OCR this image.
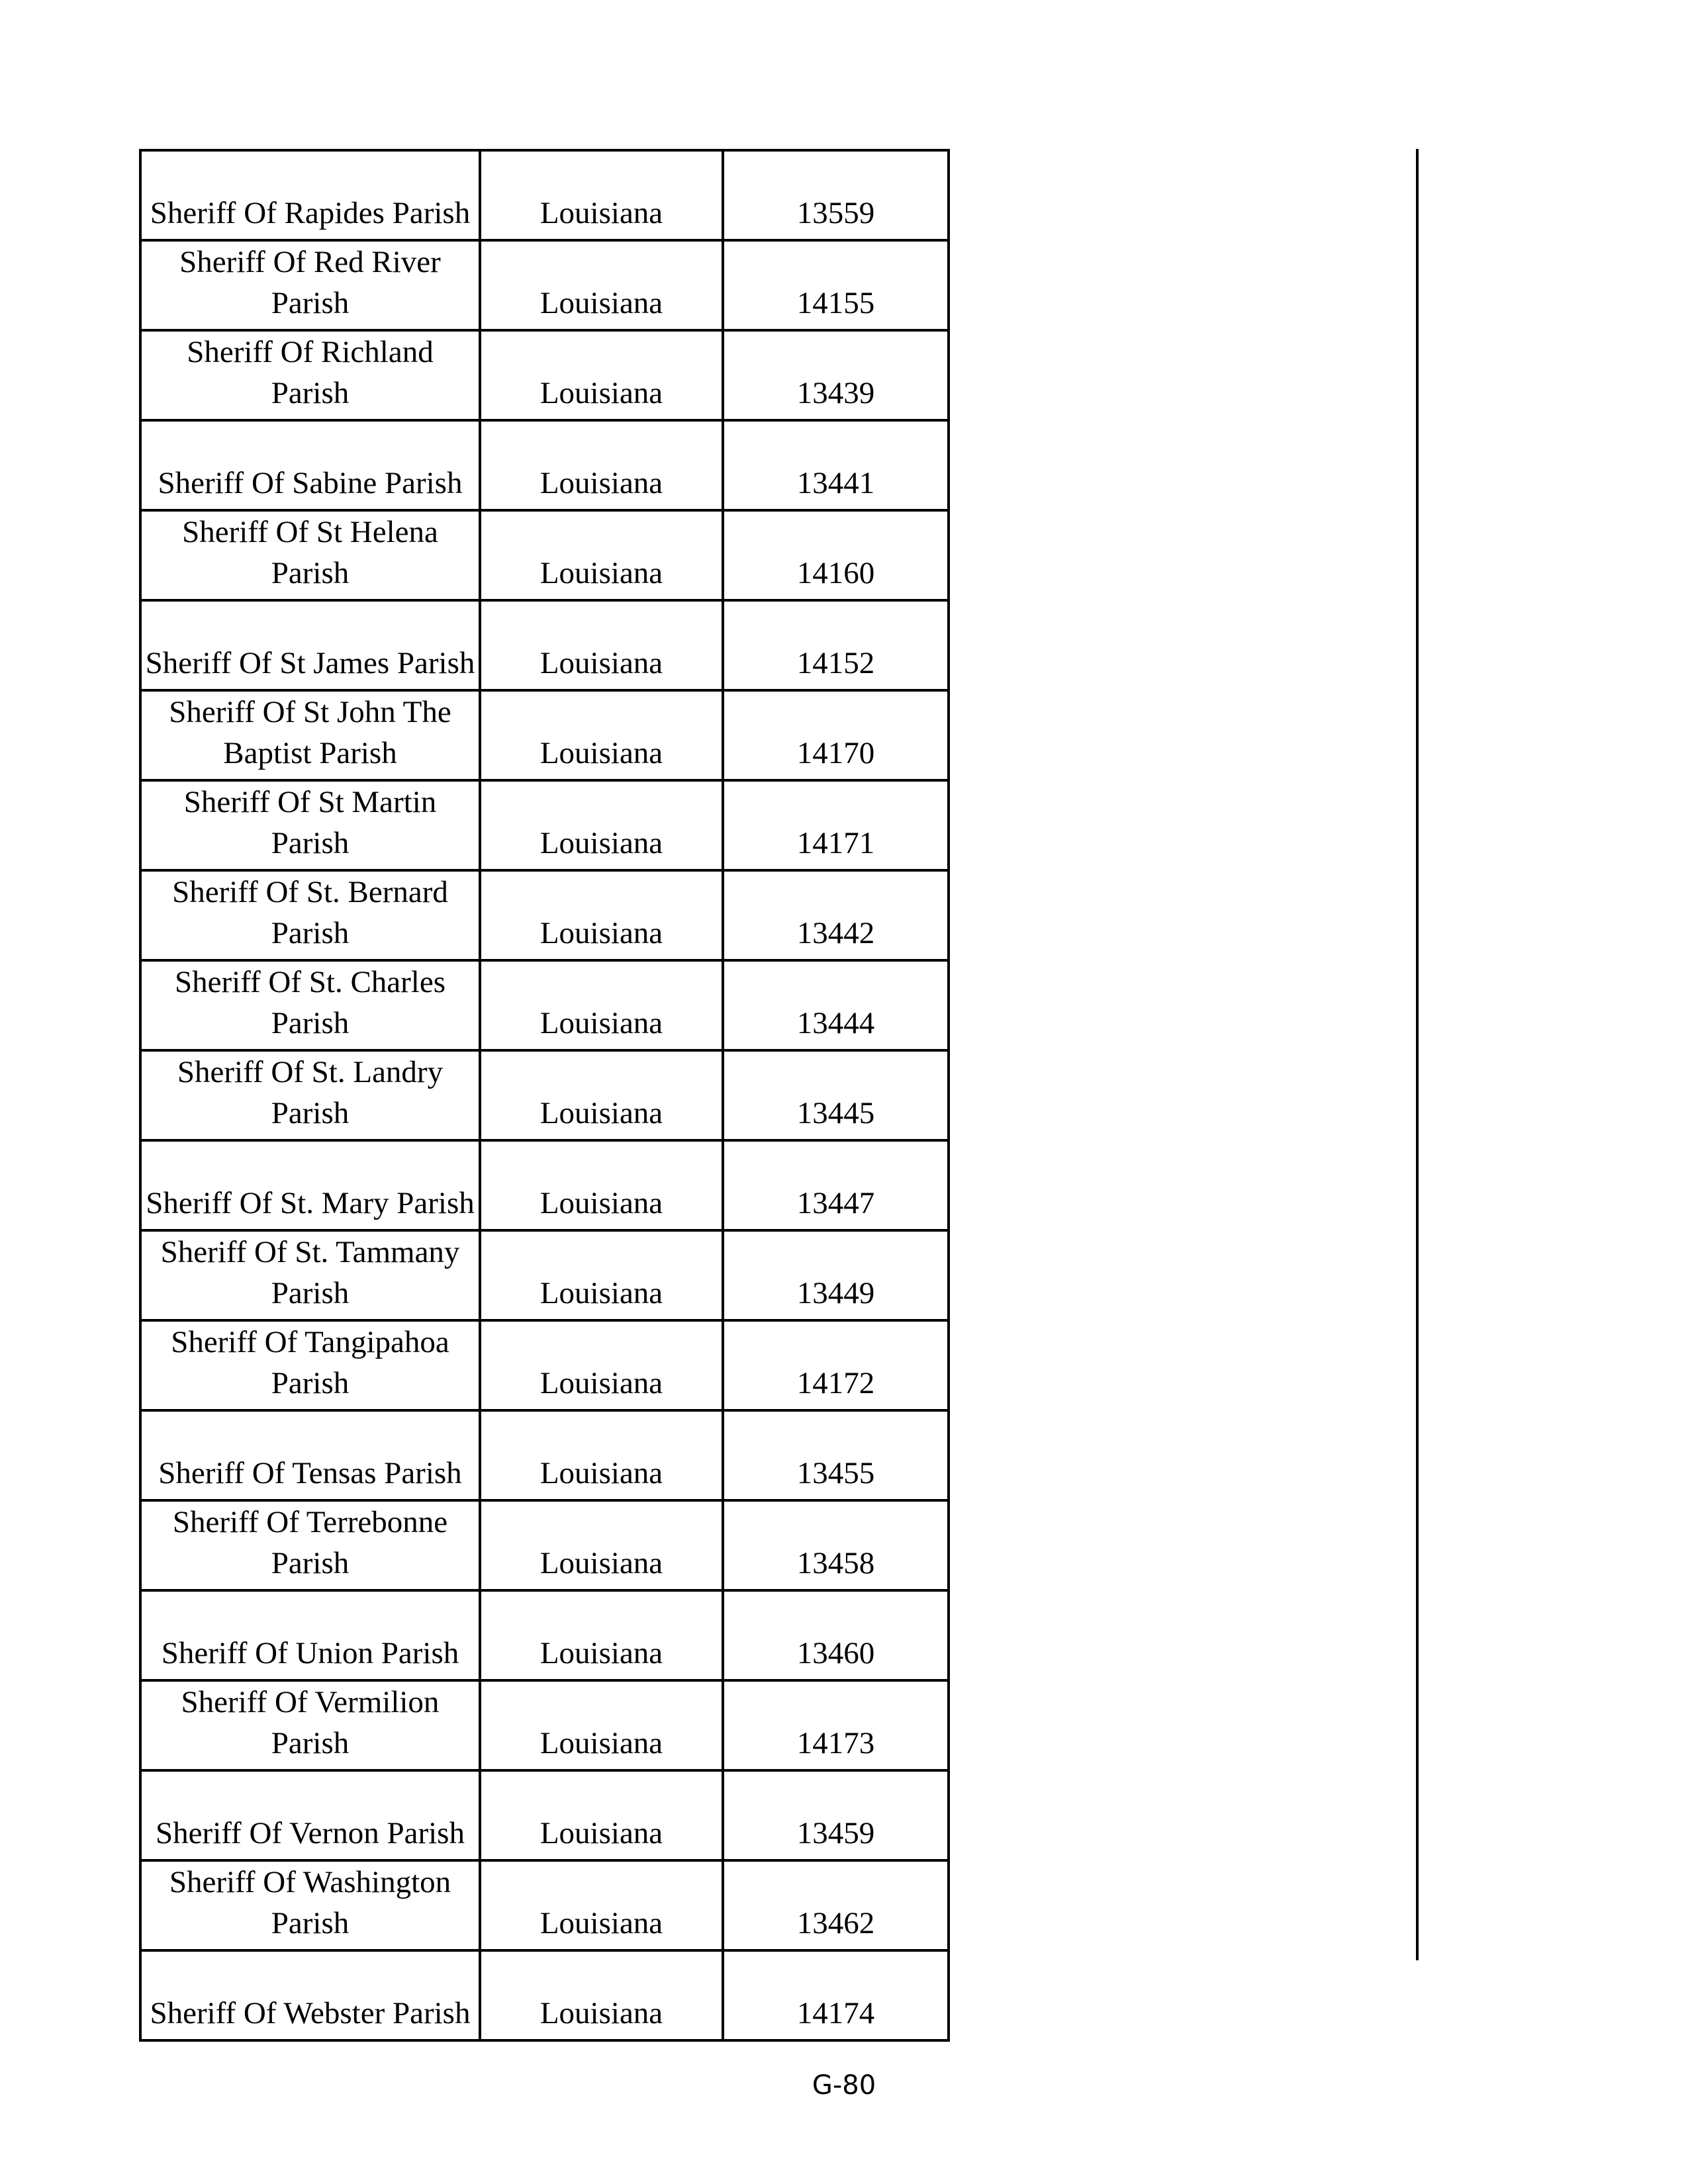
Sheriff Of Rapides Parish	Louisiana	13559
Sheriff Of Red River Parish	Louisiana	14155
Sheriff Of Richland Parish	Louisiana	13439
Sheriff Of Sabine Parish	Louisiana	13441
Sheriff Of St Helena Parish	Louisiana	14160
Sheriff Of St James Parish	Louisiana	14152
Sheriff Of St John The Baptist Parish	Louisiana	14170
Sheriff Of St Martin Parish	Louisiana	14171
Sheriff Of St. Bernard Parish	Louisiana	13442
Sheriff Of St. Charles Parish	Louisiana	13444
Sheriff Of St. Landry Parish	Louisiana	13445
Sheriff Of St. Mary Parish	Louisiana	13447
Sheriff Of St. Tammany Parish	Louisiana	13449
Sheriff Of Tangipahoa Parish	Louisiana	14172
Sheriff Of Tensas Parish	Louisiana	13455
Sheriff Of Terrebonne Parish	Louisiana	13458
Sheriff Of Union Parish	Louisiana	13460
Sheriff Of Vermilion Parish	Louisiana	14173
Sheriff Of Vernon Parish	Louisiana	13459
Sheriff Of Washington Parish	Louisiana	13462
Sheriff Of Webster Parish	Louisiana	14174
G-80
